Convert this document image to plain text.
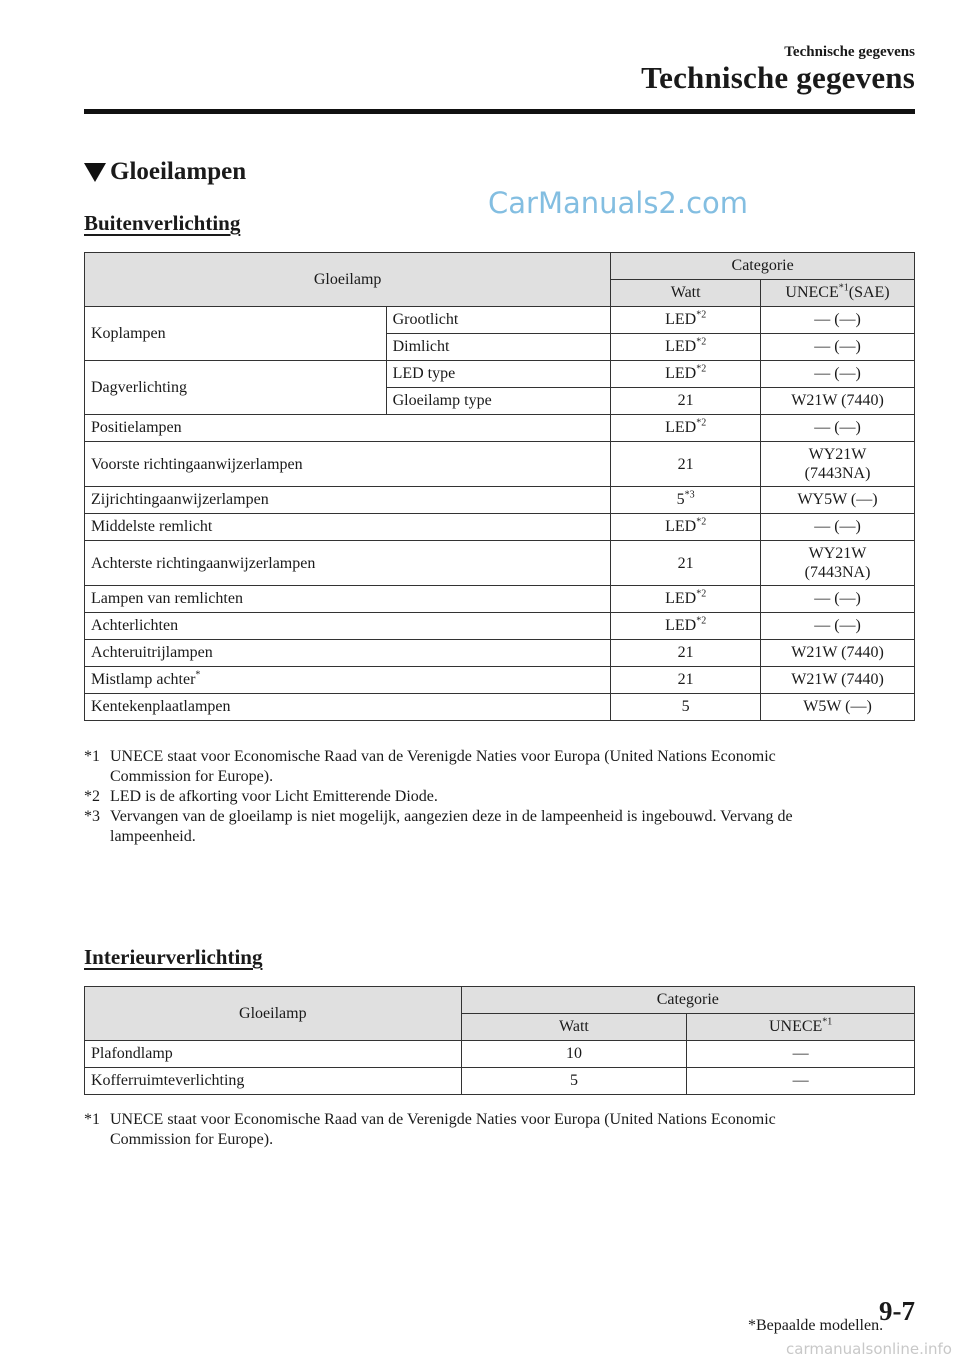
Technische gegevens
Technische gegevens
Gloeilampen
CarManuals2.com
Buitenverlichting
Gloeilamp		Categorie	
		Watt	UNECE$^{*1}$(SAE)
Koplampen	Grootlicht	LED$^{*2}$	— (—)
	Dimlicht	LED$^{*2}$	— (—)
Dagverlichting	LED type	LED$^{*2}$	— (—)
	Gloeilamp type	21	W21W (7440)
Positielampen		LED$^{*2}$	— (—)
Voorste richtingaanwijzerlampen		21	WY21W
(7443NA)
Zijrichtingaanwijzerlampen		5$^{*3}$	WY5W (—)
Middelste remlicht		LED$^{*2}$	— (—)
Achterste richtingaanwijzerlampen		21	WY21W
(7443NA)
Lampen van remlichten		LED$^{*2}$	— (—)
Achterlichten		LED$^{*2}$	— (—)
Achteruitrijlampen		21	W21W (7440)
Mistlamp achter*		21	W21W (7440)
Kentekenplaatlampen		5	W5W (—)
*1 UNECE staat voor Economische Raad van de Verenigde Naties voor Europa (United Nations Economic
Commission for Europe).
*2 LED is de afkorting voor Licht Emitterende Diode.
*3 Vervangen van de gloeilamp is niet mogelijk, aangezien deze in de lampeenheid is ingebouwd. Vervang de
lampeenheid.
Interieurverlichting
Gloeilamp	Categorie	
	Watt	UNECE$^{*1}$
Plafondlamp	10	—
Kofferruimteverlichting	5	—
*1 UNECE staat voor Economische Raad van de Verenigde Naties voor Europa (United Nations Economic
Commission for Europe).
*Bepaalde modellen.
9-7
carmanualsonline.info
